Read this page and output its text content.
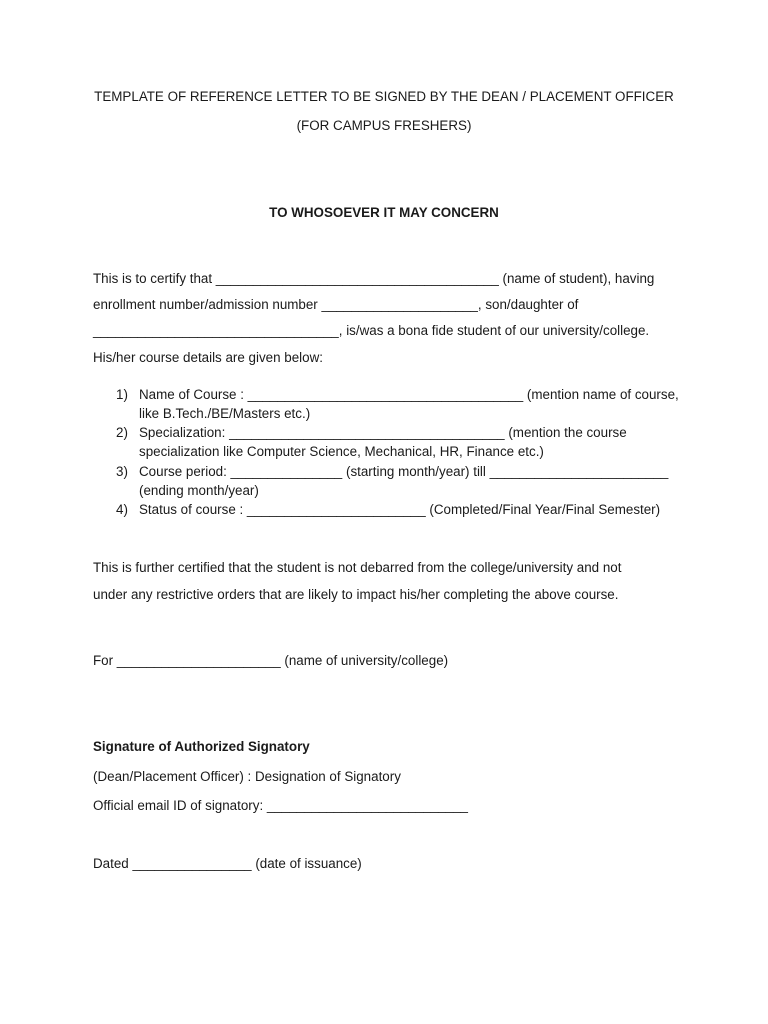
TEMPLATE OF REFERENCE LETTER TO BE SIGNED BY THE DEAN / PLACEMENT OFFICER

(FOR CAMPUS FRESHERS)

TO WHOSOEVER IT MAY CONCERN

This is to certify that ______________________________________ (name of student), having

enrollment number/admission number _____________________, son/daughter of

_________________________________, is/was a bona fide student of our university/college.

His/her course details are given below:

1) Name of Course : _____________________________________ (mention name of course,
like B.Tech./BE/Masters etc.)
2) Specialization: _____________________________________ (mention the course
specialization like Computer Science, Mechanical, HR, Finance etc.)
3) Course period: _______________ (starting month/year) till ________________________
(ending month/year)
4) Status of course : ________________________ (Completed/Final Year/Final Semester)

This is further certified that the student is not debarred from the college/university and not

under any restrictive orders that are likely to impact his/her completing the above course.

For ______________________ (name of university/college)

Signature of Authorized Signatory

(Dean/Placement Officer) : Designation of Signatory

Official email ID of signatory: ___________________________

Dated ________________ (date of issuance)
